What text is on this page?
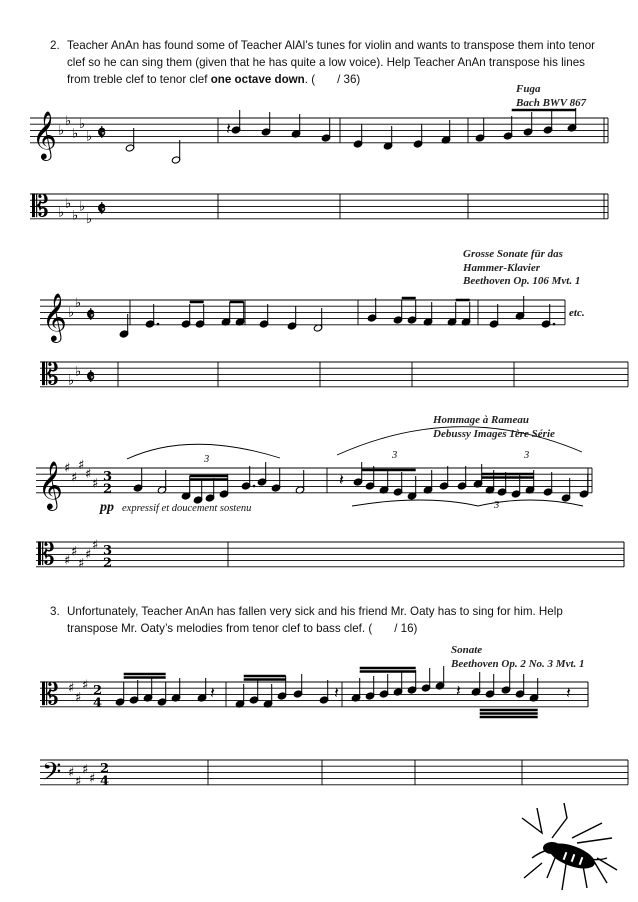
2. Teacher AnAn has found some of Teacher AlAl’s tunes for violin and wants to transpose them into tenor
clef so he can sing them (given that he has quite a low voice). Help Teacher AnAn transpose his lines
from treble clef to tenor clef one octave down. ( / 36)
3. Unfortunately, Teacher AnAn has fallen very sick and his friend Mr. Oaty has to sing for him. Help
transpose Mr. Oaty’s melodies from tenor clef to bass clef. ( / 16)
Fuga
Bach BWV 867
Grosse Sonate für das
Hammer-Klavier
Beethoven Op. 106 Mvt. 1
Hommage à Rameau
Debussy Images 1ère Série
Sonate
Beethoven Op. 2 No. 3 Mvt. 1
𝄞 ♭
♭
♭
♭
♭ 𝄵
𝄡 ♭
♭
♭
♭
♭ 𝄵
𝄞 ♭
♭ 𝄵
𝄡 ♭
♭ 𝄵
𝄞 ♯
♯
♯
♯
♯ 3
2
𝄡 ♯
♯
♯
♯
♯ 3
2
𝄡 ♯
♯
♯ 2
4
𝄢 ♯
♯
♯
♯
2
4
𝄽
𝄽
𝄽	𝄽	𝄽	𝄽
pp expressif et doucement sostenu
etc.
3	3	3
3
